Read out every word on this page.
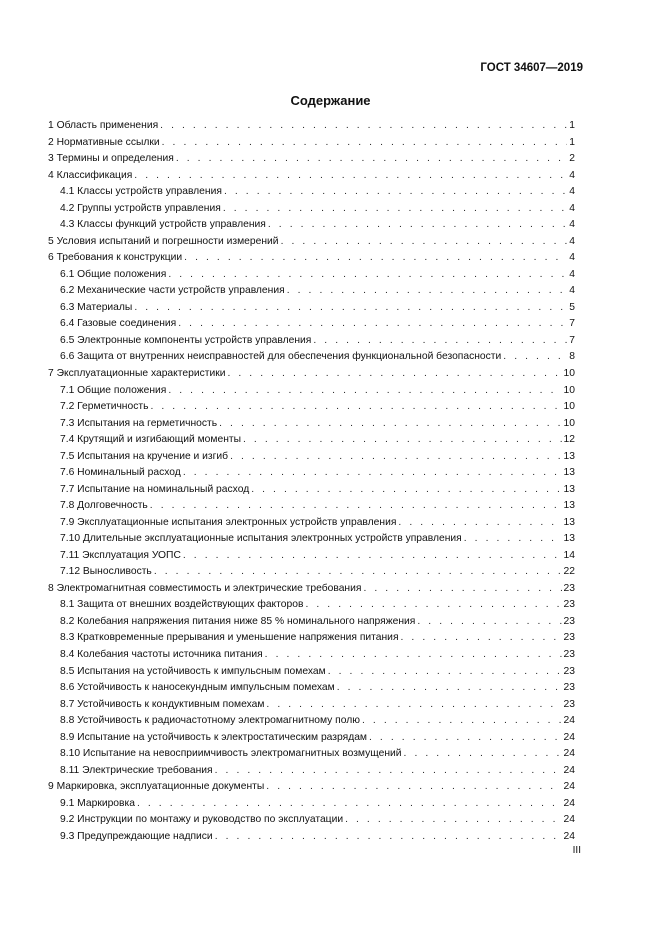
ГОСТ 34607—2019
Содержание
1 Область применения . . .	1
2 Нормативные ссылки . . .	1
3 Термины и определения . . .	2
4 Классификация . . .	4
4.1 Классы устройств управления . . .	4
4.2 Группы устройств управления . . .	4
4.3 Классы функций устройств управления . . .	4
5 Условия испытаний и погрешности измерений . . .	4
6 Требования к конструкции . . .	4
6.1 Общие положения . . .	4
6.2 Механические части устройств управления . . .	4
6.3 Материалы . . .	5
6.4 Газовые соединения . . .	7
6.5 Электронные компоненты устройств управления . . .	7
6.6 Защита от внутренних неисправностей для обеспечения функциональной безопасности . . .	8
7 Эксплуатационные характеристики . . .	10
7.1 Общие положения . . .	10
7.2 Герметичность . . .	10
7.3 Испытания на герметичность . . .	10
7.4 Крутящий и изгибающий моменты . . .	12
7.5 Испытания на кручение и изгиб . . .	13
7.6 Номинальный расход . . .	13
7.7 Испытание на номинальный расход . . .	13
7.8 Долговечность . . .	13
7.9 Эксплуатационные испытания электронных устройств управления . . .	13
7.10 Длительные эксплуатационные испытания электронных устройств управления . . .	13
7.11 Эксплуатация УОПС . . .	14
7.12 Выносливость . . .	22
8 Электромагнитная совместимость и электрические требования . . .	23
8.1 Защита от внешних воздействующих факторов . . .	23
8.2 Колебания напряжения питания ниже 85 % номинального напряжения . . .	23
8.3 Кратковременные прерывания и уменьшение напряжения питания . . .	23
8.4 Колебания частоты источника питания . . .	23
8.5 Испытания на устойчивость к импульсным помехам . . .	23
8.6 Устойчивость к наносекундным импульсным помехам . . .	23
8.7 Устойчивость к кондуктивным помехам . . .	23
8.8 Устойчивость к радиочастотному электромагнитному полю . . .	24
8.9 Испытание на устойчивость к электростатическим разрядам . . .	24
8.10 Испытание на невосприимчивость электромагнитных возмущений . . .	24
8.11 Электрические требования . . .	24
9 Маркировка, эксплуатационные документы . . .	24
9.1 Маркировка . . .	24
9.2 Инструкции по монтажу и руководство по эксплуатации . . .	24
9.3 Предупреждающие надписи . . .	24
III
